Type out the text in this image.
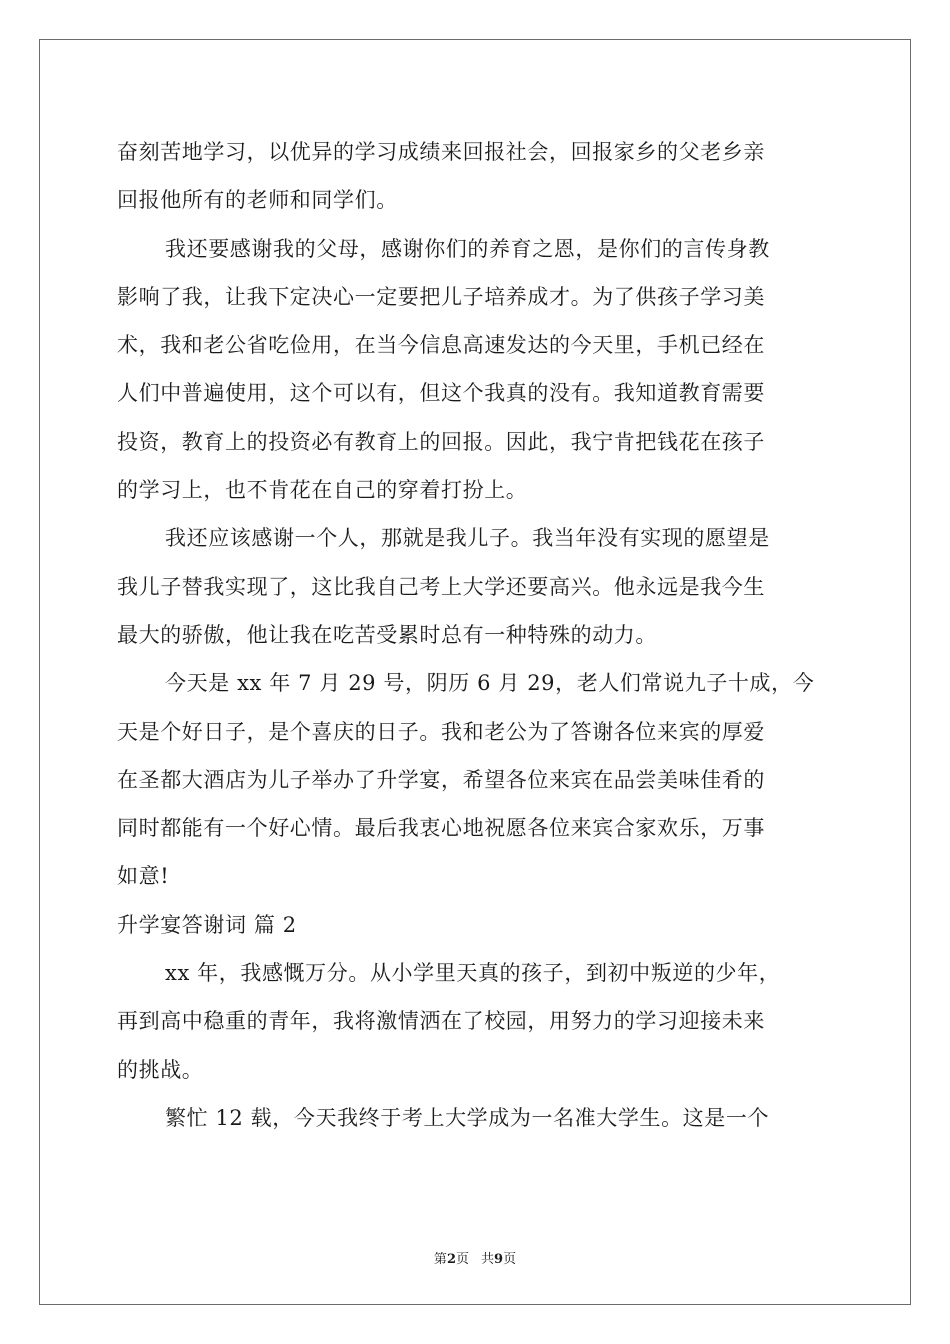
奋刻苦地学习，以优异的学习成绩来回报社会，回报家乡的父老乡亲
回报他所有的老师和同学们。
我还要感谢我的父母，感谢你们的养育之恩，是你们的言传身教
影响了我，让我下定决心一定要把儿子培养成才。为了供孩子学习美
术，我和老公省吃俭用，在当今信息高速发达的今天里，手机已经在
人们中普遍使用，这个可以有，但这个我真的没有。我知道教育需要
投资，教育上的投资必有教育上的回报。因此，我宁肯把钱花在孩子
的学习上，也不肯花在自己的穿着打扮上。
我还应该感谢一个人，那就是我儿子。我当年没有实现的愿望是
我儿子替我实现了，这比我自己考上大学还要高兴。他永远是我今生
最大的骄傲，他让我在吃苦受累时总有一种特殊的动力。
今天是 xx 年 7 月 29 号，阴历 6 月 29，老人们常说九子十成，今
天是个好日子，是个喜庆的日子。我和老公为了答谢各位来宾的厚爱
在圣都大酒店为儿子举办了升学宴，希望各位来宾在品尝美味佳肴的
同时都能有一个好心情。最后我衷心地祝愿各位来宾合家欢乐，万事
如意!
升学宴答谢词 篇 2
xx 年，我感慨万分。从小学里天真的孩子，到初中叛逆的少年，
再到高中稳重的青年，我将激情洒在了校园，用努力的学习迎接未来
的挑战。
繁忙 12 载，今天我终于考上大学成为一名准大学生。这是一个
第2页 共9页
